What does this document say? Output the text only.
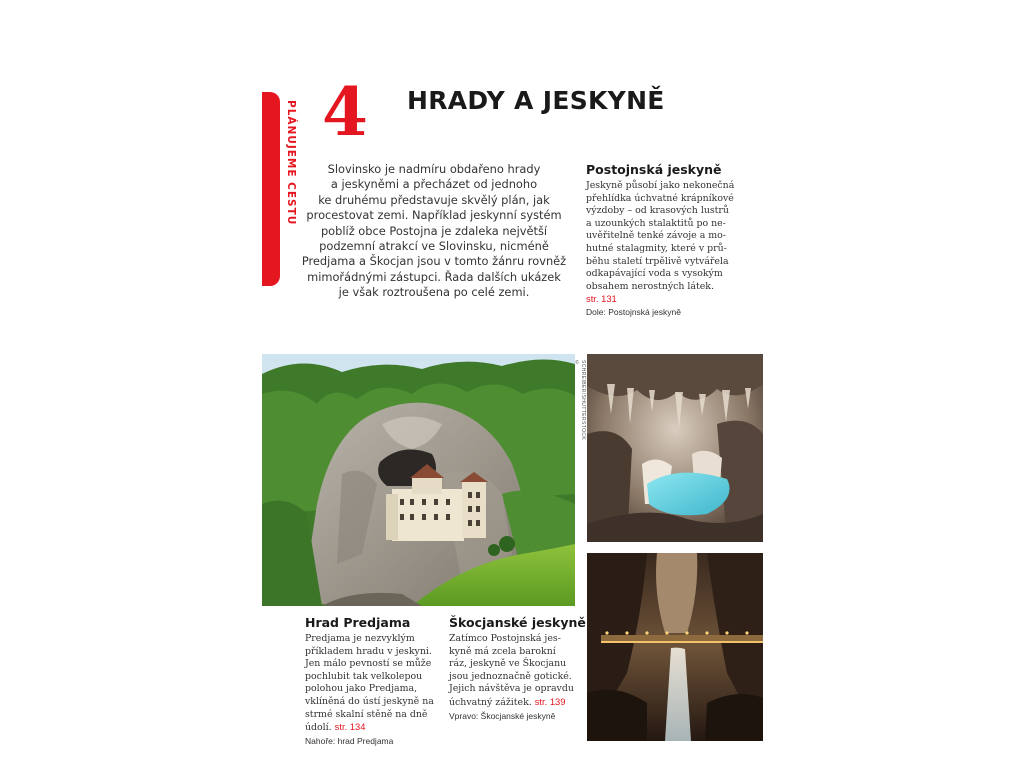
PLÁNUJEME CESTU 4 HRADY A JESKYNĚ
Slovinsko je nadmíru obdařeno hrady
a jeskyněmi a přecházet od jednoho
ke druhému představuje skvělý plán, jak
procestovat zemi. Například jeskynní systém
poblíž obce Postojna je zdaleka největší
podzemní atrakcí ve Slovinsku, nicméně
Predjama a Škocjan jsou v tomto žánru rovněž
mimořádnými zástupci. Řada dalších ukázek
je však roztroušena po celé zemi.
Postojnská jeskyně
Jeskyně působí jako nekonečná
přehlídka úchvatné krápníkové
výzdoby – od krasových lustrů
a uzounkých stalaktitů po ne-
uvěřitelně tenké závoje a mo-
hutné stalagmity, které v prů-
běhu staletí trpělivě vytvářela
odkapávající voda s vysokým
obsahem nerostných látek.
str. 131
Dole: Postojnská jeskyně
SCHREIBER/SHUTTERSTOCK ©
Hrad Predjama
Predjama je nezvyklým
příkladem hradu v jeskyni.
Jen málo pevností se může
pochlubit tak velkolepou
polohou jako Predjama,
vklíněná do ústí jeskyně na
strmé skalní stěně na dně
údolí. str. 134
Nahoře: hrad Predjama
Škocjanské jeskyně
Zatímco Postojnská jes-
kyně má zcela barokní
ráz, jeskyně ve Škocjanu
jsou jednoznačně gotické.
Jejich návštěva je opravdu
úchvatný zážitek. str. 139
Vpravo: Škocjanské jeskyně
